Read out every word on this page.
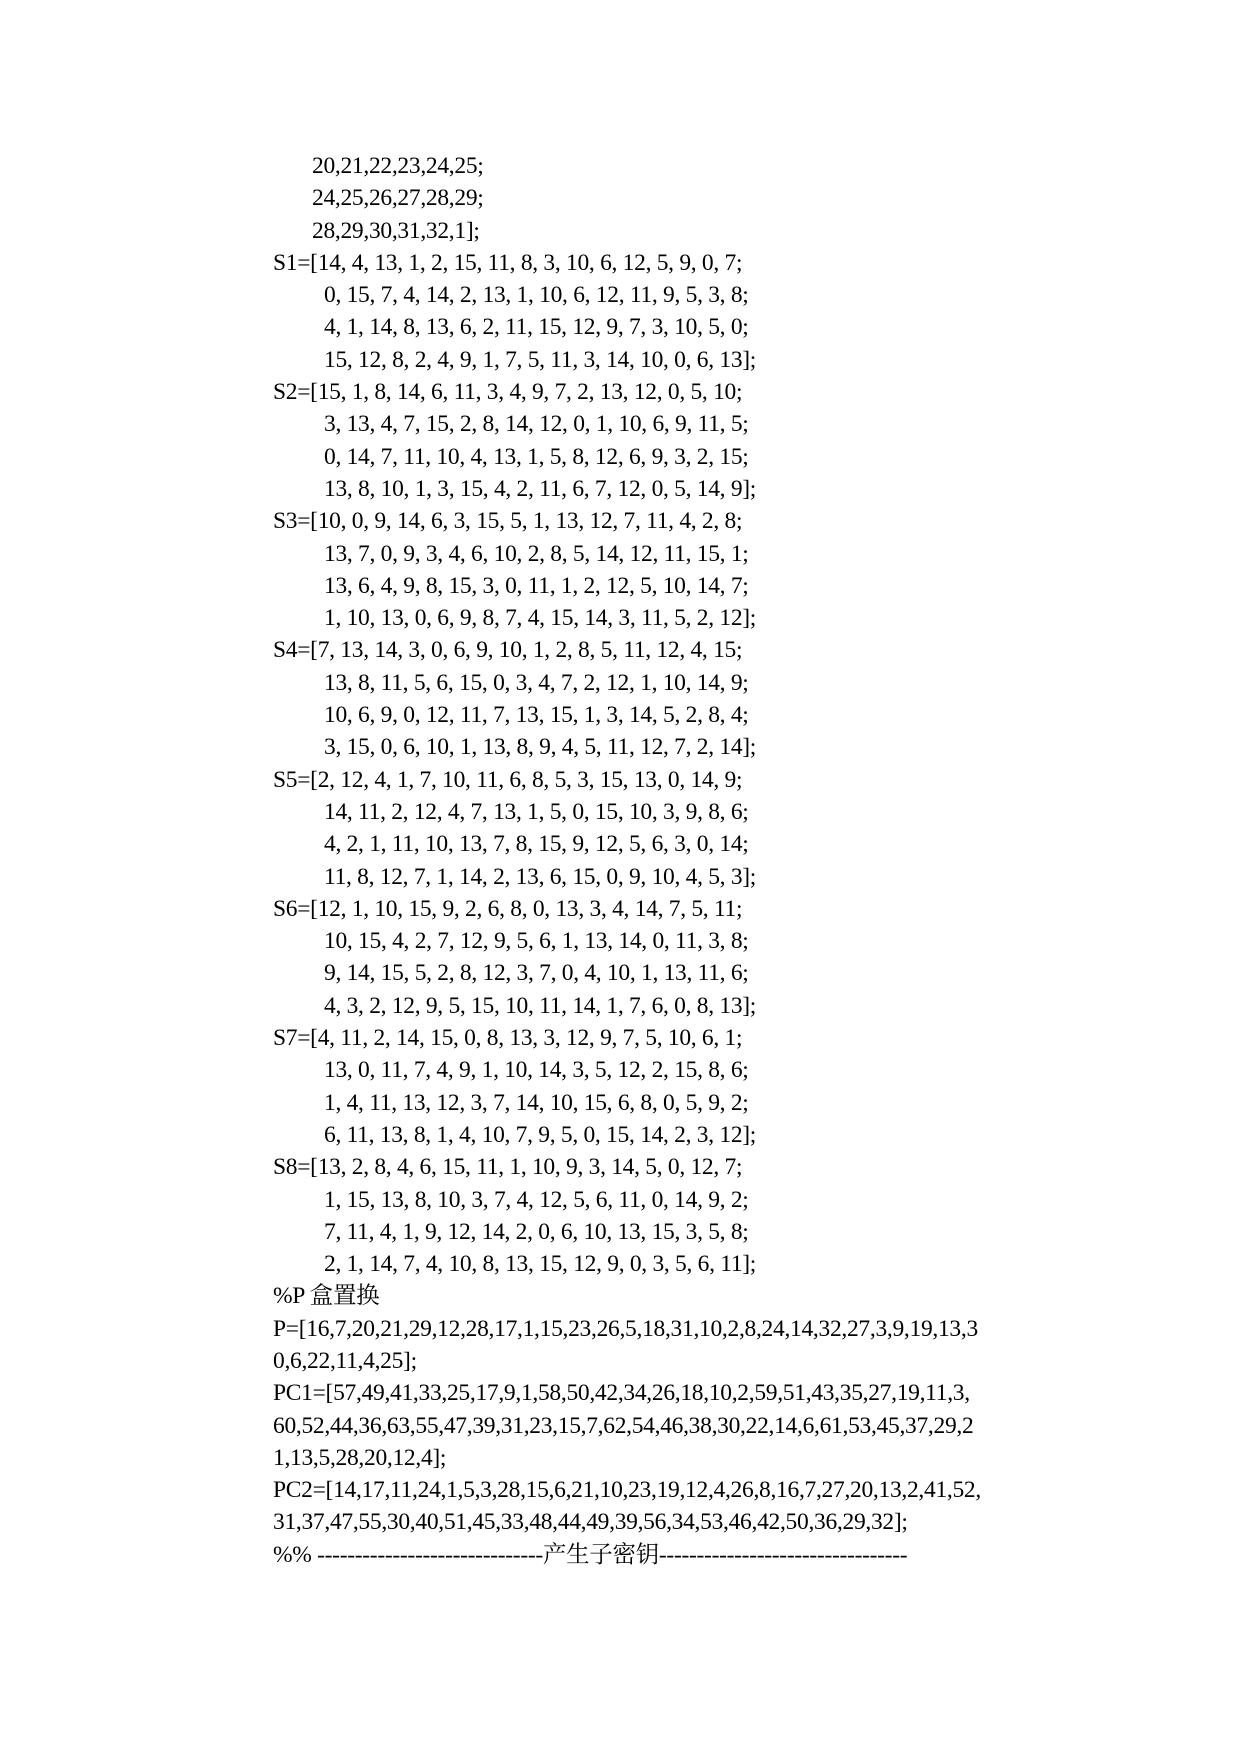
20,21,22,23,24,25;
24,25,26,27,28,29;
28,29,30,31,32,1];
S1=[14, 4, 13, 1, 2, 15, 11, 8, 3, 10, 6, 12, 5, 9, 0, 7;
0, 15, 7, 4, 14, 2, 13, 1, 10, 6, 12, 11, 9, 5, 3, 8;
4, 1, 14, 8, 13, 6, 2, 11, 15, 12, 9, 7, 3, 10, 5, 0;
15, 12, 8, 2, 4, 9, 1, 7, 5, 11, 3, 14, 10, 0, 6, 13];
S2=[15, 1, 8, 14, 6, 11, 3, 4, 9, 7, 2, 13, 12, 0, 5, 10;
3, 13, 4, 7, 15, 2, 8, 14, 12, 0, 1, 10, 6, 9, 11, 5;
0, 14, 7, 11, 10, 4, 13, 1, 5, 8, 12, 6, 9, 3, 2, 15;
13, 8, 10, 1, 3, 15, 4, 2, 11, 6, 7, 12, 0, 5, 14, 9];
S3=[10, 0, 9, 14, 6, 3, 15, 5, 1, 13, 12, 7, 11, 4, 2, 8;
13, 7, 0, 9, 3, 4, 6, 10, 2, 8, 5, 14, 12, 11, 15, 1;
13, 6, 4, 9, 8, 15, 3, 0, 11, 1, 2, 12, 5, 10, 14, 7;
1, 10, 13, 0, 6, 9, 8, 7, 4, 15, 14, 3, 11, 5, 2, 12];
S4=[7, 13, 14, 3, 0, 6, 9, 10, 1, 2, 8, 5, 11, 12, 4, 15;
13, 8, 11, 5, 6, 15, 0, 3, 4, 7, 2, 12, 1, 10, 14, 9;
10, 6, 9, 0, 12, 11, 7, 13, 15, 1, 3, 14, 5, 2, 8, 4;
3, 15, 0, 6, 10, 1, 13, 8, 9, 4, 5, 11, 12, 7, 2, 14];
S5=[2, 12, 4, 1, 7, 10, 11, 6, 8, 5, 3, 15, 13, 0, 14, 9;
14, 11, 2, 12, 4, 7, 13, 1, 5, 0, 15, 10, 3, 9, 8, 6;
4, 2, 1, 11, 10, 13, 7, 8, 15, 9, 12, 5, 6, 3, 0, 14;
11, 8, 12, 7, 1, 14, 2, 13, 6, 15, 0, 9, 10, 4, 5, 3];
S6=[12, 1, 10, 15, 9, 2, 6, 8, 0, 13, 3, 4, 14, 7, 5, 11;
10, 15, 4, 2, 7, 12, 9, 5, 6, 1, 13, 14, 0, 11, 3, 8;
9, 14, 15, 5, 2, 8, 12, 3, 7, 0, 4, 10, 1, 13, 11, 6;
4, 3, 2, 12, 9, 5, 15, 10, 11, 14, 1, 7, 6, 0, 8, 13];
S7=[4, 11, 2, 14, 15, 0, 8, 13, 3, 12, 9, 7, 5, 10, 6, 1;
13, 0, 11, 7, 4, 9, 1, 10, 14, 3, 5, 12, 2, 15, 8, 6;
1, 4, 11, 13, 12, 3, 7, 14, 10, 15, 6, 8, 0, 5, 9, 2;
6, 11, 13, 8, 1, 4, 10, 7, 9, 5, 0, 15, 14, 2, 3, 12];
S8=[13, 2, 8, 4, 6, 15, 11, 1, 10, 9, 3, 14, 5, 0, 12, 7;
1, 15, 13, 8, 10, 3, 7, 4, 12, 5, 6, 11, 0, 14, 9, 2;
7, 11, 4, 1, 9, 12, 14, 2, 0, 6, 10, 13, 15, 3, 5, 8;
2, 1, 14, 7, 4, 10, 8, 13, 15, 12, 9, 0, 3, 5, 6, 11];
%P 盒置换
P=[16,7,20,21,29,12,28,17,1,15,23,26,5,18,31,10,2,8,24,14,32,27,3,9,19,13,3
0,6,22,11,4,25];
PC1=[57,49,41,33,25,17,9,1,58,50,42,34,26,18,10,2,59,51,43,35,27,19,11,3,
60,52,44,36,63,55,47,39,31,23,15,7,62,54,46,38,30,22,14,6,61,53,45,37,29,2
1,13,5,28,20,12,4];
PC2=[14,17,11,24,1,5,3,28,15,6,21,10,23,19,12,4,26,8,16,7,27,20,13,2,41,52,
31,37,47,55,30,40,51,45,33,48,44,49,39,56,34,53,46,42,50,36,29,32];
%% ------------------------------产生子密钥---------------------------------
